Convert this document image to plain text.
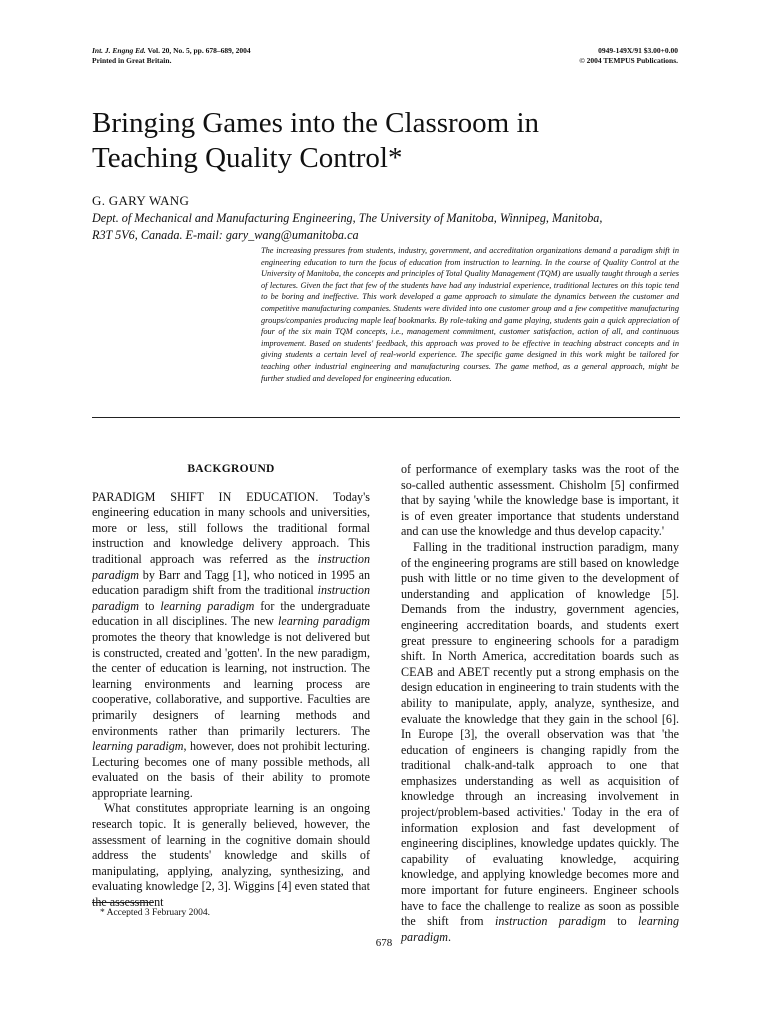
Int. J. Engng Ed. Vol. 20, No. 5, pp. 678–689, 2004
Printed in Great Britain.
0949-149X/91 $3.00+0.00
© 2004 TEMPUS Publications.
Bringing Games into the Classroom in
Teaching Quality Control*
G. GARY WANG
Dept. of Mechanical and Manufacturing Engineering, The University of Manitoba, Winnipeg, Manitoba,
R3T 5V6, Canada. E-mail: gary_wang@umanitoba.ca
The increasing pressures from students, industry, government, and accreditation organizations demand a paradigm shift in engineering education to turn the focus of education from instruction to learning. In the course of Quality Control at the University of Manitoba, the concepts and principles of Total Quality Management (TQM) are usually taught through a series of lectures. Given the fact that few of the students have had any industrial experience, traditional lectures on this topic tend to be boring and ineffective. This work developed a game approach to simulate the dynamics between the customer and competitive manufacturing companies. Students were divided into one customer group and a few competitive manufacturing groups/companies producing maple leaf bookmarks. By role-taking and game playing, students gain a quick appreciation of four of the six main TQM concepts, i.e., management commitment, customer satisfaction, action of all, and continuous improvement. Based on students' feedback, this approach was proved to be effective in teaching abstract concepts and in giving students a certain level of real-world experience. The specific game designed in this work might be tailored for teaching other industrial engineering and manufacturing courses. The game method, as a general approach, might be further studied and developed for engineering education.
BACKGROUND

PARADIGM SHIFT IN EDUCATION. Today's engineering education in many schools and universities, more or less, still follows the traditional formal instruction and knowledge delivery approach. This traditional approach was referred as the instruction paradigm by Barr and Tagg [1], who noticed in 1995 an education paradigm shift from the traditional instruction paradigm to learning paradigm for the undergraduate education in all disciplines. The new learning paradigm promotes the theory that knowledge is not delivered but is constructed, created and 'gotten'. In the new paradigm, the center of education is learning, not instruction. The learning environments and learning process are cooperative, collaborative, and supportive. Faculties are primarily designers of learning methods and environments rather than primarily lecturers. The learning paradigm, however, does not prohibit lecturing. Lecturing becomes one of many possible methods, all evaluated on the basis of their ability to promote appropriate learning.

What constitutes appropriate learning is an ongoing research topic. It is generally believed, however, the assessment of learning in the cognitive domain should address the students' knowledge and skills of manipulating, applying, analyzing, synthesizing, and evaluating knowledge [2, 3]. Wiggins [4] even stated that the assessment

of performance of exemplary tasks was the root of the so-called authentic assessment. Chisholm [5] confirmed that by saying 'while the knowledge base is important, it is of even greater importance that students understand and can use the knowledge and thus develop capacity.'

Falling in the traditional instruction paradigm, many of the engineering programs are still based on knowledge push with little or no time given to the development of understanding and application of knowledge [5]. Demands from the industry, government agencies, engineering accreditation boards, and students exert great pressure to engineering schools for a paradigm shift. In North America, accreditation boards such as CEAB and ABET recently put a strong emphasis on the design education in engineering to train students with the ability to manipulate, apply, analyze, synthesize, and evaluate the knowledge that they gain in the school [6]. In Europe [3], the overall observation was that 'the education of engineers is changing rapidly from the traditional chalk-and-talk approach to one that emphasizes understanding as well as acquisition of knowledge through an increasing involvement in project/problem-based activities.' Today in the era of information explosion and fast development of engineering disciplines, knowledge updates quickly. The capability of evaluating knowledge, acquiring knowledge, and applying knowledge becomes more and more important for future engineers. Engineer schools have to face the challenge to realize as soon as possible the shift from instruction paradigm to learning paradigm.

* Accepted 3 February 2004.
678
